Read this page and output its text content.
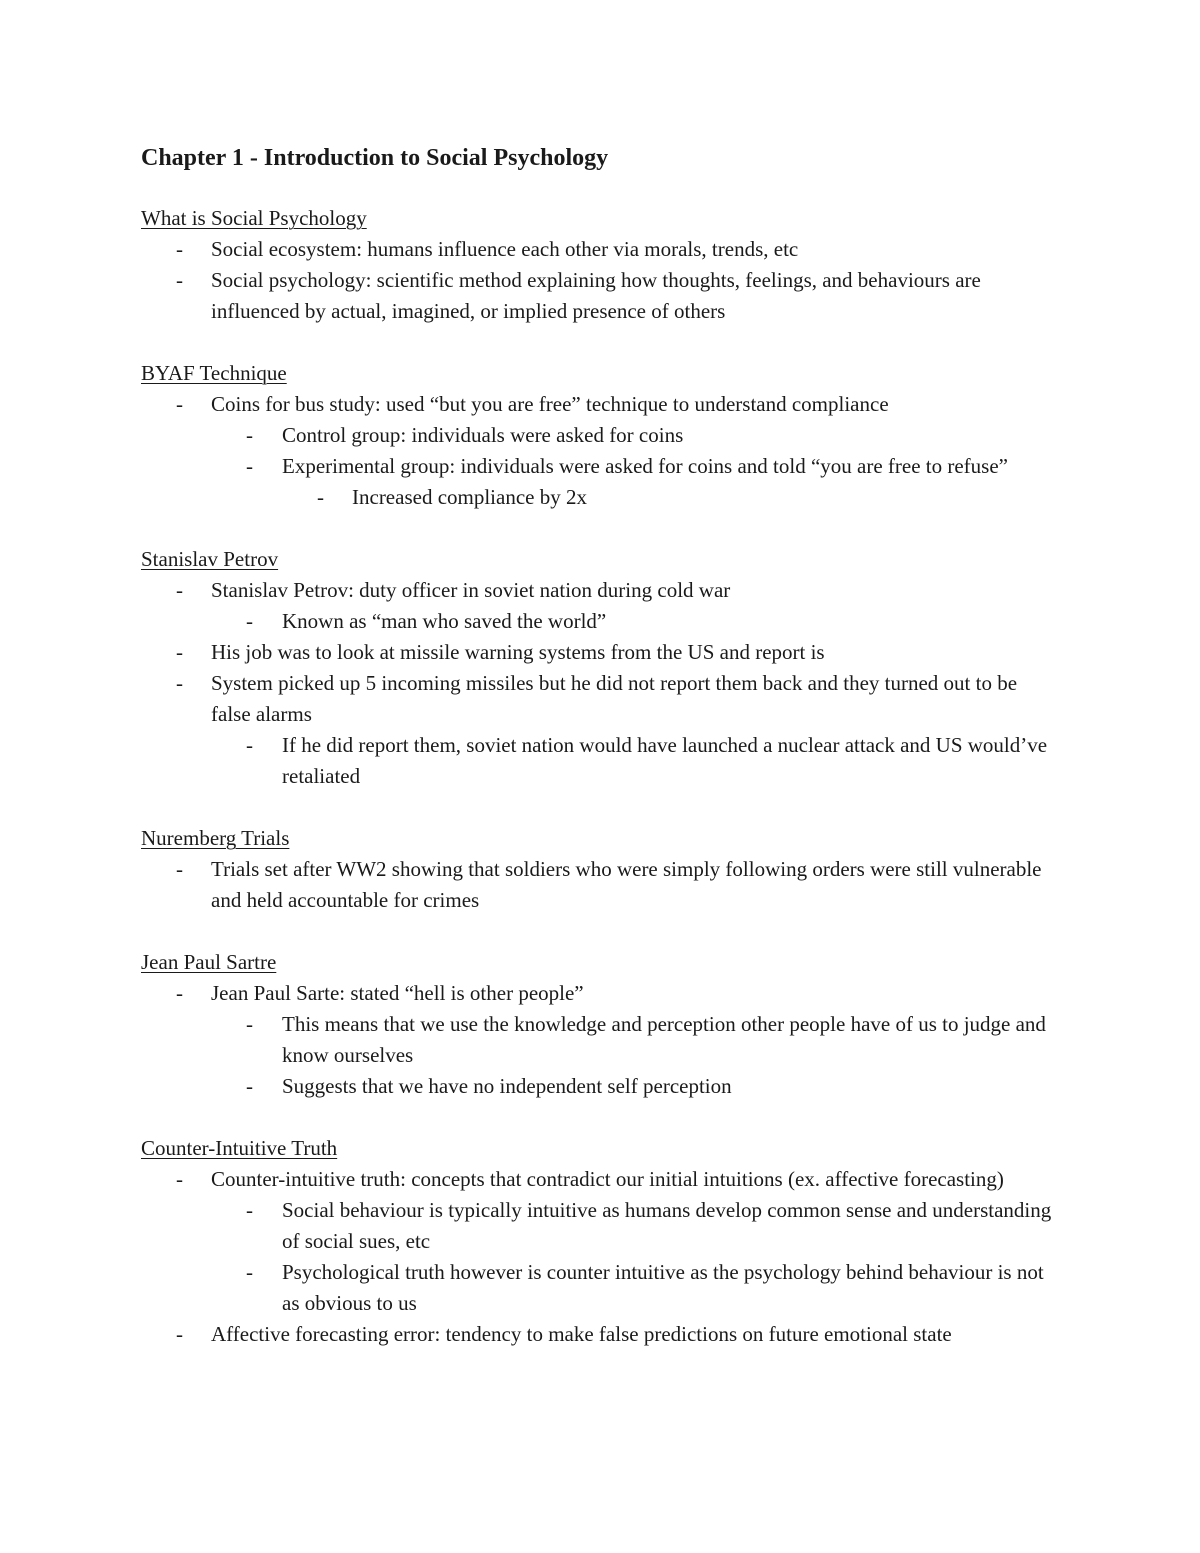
Chapter 1 - Introduction to Social Psychology
What is Social Psychology
-	Social ecosystem: humans influence each other via morals, trends, etc
-	Social psychology: scientific method explaining how thoughts, feelings, and behaviours are influenced by actual, imagined, or implied presence of others
BYAF Technique
-	Coins for bus study: used “but you are free” technique to understand compliance
-	Control group: individuals were asked for coins
-	Experimental group: individuals were asked for coins and told “you are free to refuse”
-	Increased compliance by 2x
Stanislav Petrov
-	Stanislav Petrov: duty officer in soviet nation during cold war
-	Known as “man who saved the world”
-	His job was to look at missile warning systems from the US and report is
-	System picked up 5 incoming missiles but he did not report them back and they turned out to be false alarms
-	If he did report them, soviet nation would have launched a nuclear attack and US would’ve retaliated
Nuremberg Trials
-	Trials set after WW2 showing that soldiers who were simply following orders were still vulnerable and held accountable for crimes
Jean Paul Sartre
-	Jean Paul Sarte: stated “hell is other people”
-	This means that we use the knowledge and perception other people have of us to judge and know ourselves
-	Suggests that we have no independent self perception
Counter-Intuitive Truth
-	Counter-intuitive truth: concepts that contradict our initial intuitions (ex. affective forecasting)
-	Social behaviour is typically intuitive as humans develop common sense and understanding of social sues, etc
-	Psychological truth however is counter intuitive as the psychology behind behaviour is not as obvious to us
-	Affective forecasting error: tendency to make false predictions on future emotional state
